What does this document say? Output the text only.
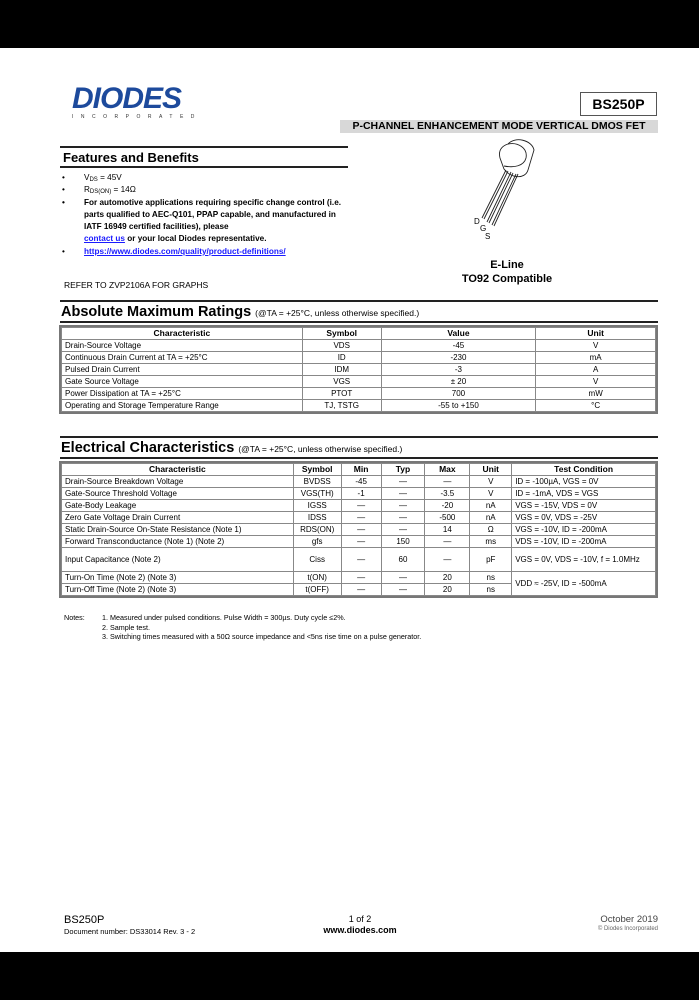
DIODES
INCORPORATED
BS250P
P-CHANNEL ENHANCEMENT MODE VERTICAL DMOS FET
Features and Benefits
• $V_{DS} = 45V$
• $R_{DS(ON)} = 14\Omega$
• For automotive applications requiring specific change control (i.e. parts qualified to AEC-Q101, PPAP capable, and manufactured in IATF 16949 certified facilities), please
contact us or your local Diodes representative.
• https://www.diodes.com/quality/product-definitions/
REFER TO ZVP2106A FOR GRAPHS
D
G
S
E-Line
TO92 Compatible
Absolute Maximum Ratings (@TA = +25°C, unless otherwise specified.)
Characteristic	Symbol	Value	Unit
Drain-Source Voltage	VDS	-45	V
Continuous Drain Current at TA = +25°C	ID	-230	mA
Pulsed Drain Current	IDM	-3	A
Gate Source Voltage	VGS	± 20	V
Power Dissipation at TA = +25°C	PTOT	700	mW
Operating and Storage Temperature Range	TJ, TSTG	-55 to +150	°C
Electrical Characteristics (@TA = +25°C, unless otherwise specified.)
Characteristic	Symbol	Min	Typ	Max	Unit	Test Condition
Drain-Source Breakdown Voltage	BVDSS	-45	—	—	V	ID = -100µA, VGS = 0V
Gate-Source Threshold Voltage	VGS(TH)	-1	—	-3.5	V	ID = -1mA, VDS = VGS
Gate-Body Leakage	IGSS	—	—	-20	nA	VGS = -15V, VDS = 0V
Zero Gate Voltage Drain Current	IDSS	—	—	-500	nA	VGS = 0V, VDS = -25V
Static Drain-Source On-State Resistance (Note 1)	RDS(ON)	—	—	14	Ω	VGS = -10V, ID = -200mA
Forward Transconductance (Note 1) (Note 2)	gfs	—	150	—	ms	VDS = -10V, ID = -200mA
Input Capacitance (Note 2)	Ciss	—	60	—	pF	VGS = 0V, VDS = -10V, f = 1.0MHz
Turn-On Time (Note 2) (Note 3)	t(ON)	—	—	20	ns	VDD ≈ -25V, ID = -500mA
Turn-Off Time (Note 2) (Note 3)	t(OFF)	—	—	20	ns	
Notes: 1. Measured under pulsed conditions. Pulse Width = 300µs. Duty cycle ≤2%.
2. Sample test.
3. Switching times measured with a 50Ω source impedance and <5ns rise time on a pulse generator.
BS250P
Document number: DS33014 Rev. 3 - 2
1 of 2
www.diodes.com
October 2019
© Diodes Incorporated
